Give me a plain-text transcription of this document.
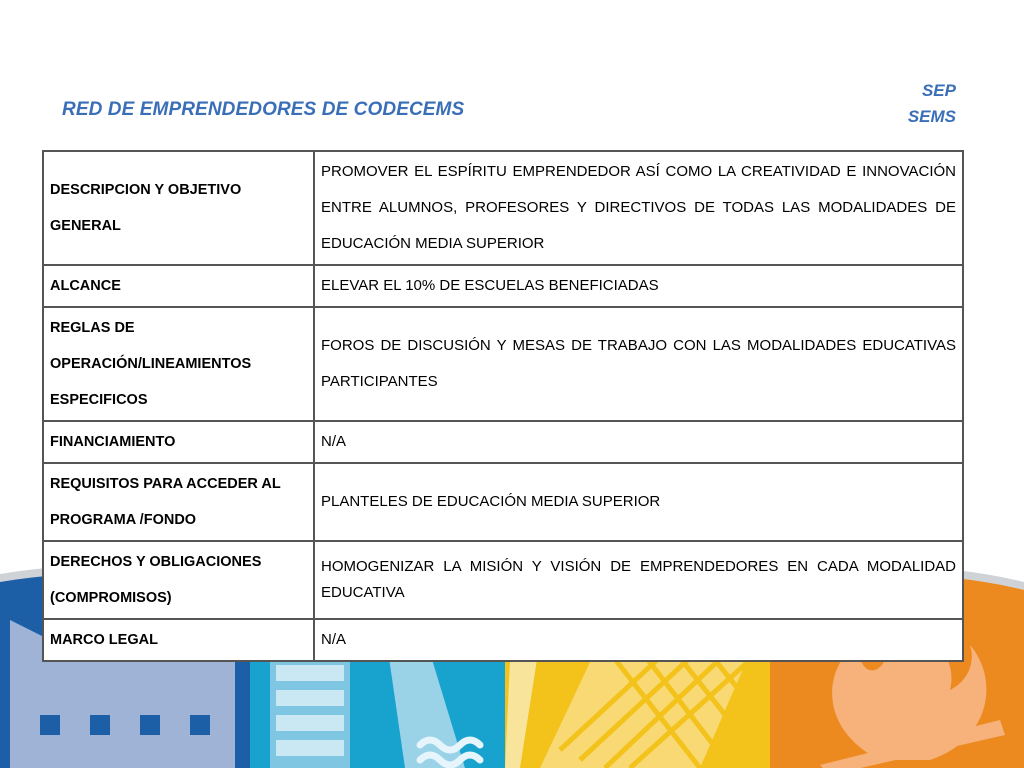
RED DE EMPRENDEDORES DE CODECEMS
SEP
SEMS
DESCRIPCION Y OBJETIVO GENERAL	PROMOVER EL ESPÍRITU EMPRENDEDOR ASÍ COMO LA CREATIVIDAD E INNOVACIÓN ENTRE ALUMNOS, PROFESORES Y DIRECTIVOS DE TODAS LAS MODALIDADES DE EDUCACIÓN MEDIA SUPERIOR
ALCANCE	ELEVAR EL 10% DE ESCUELAS BENEFICIADAS
REGLAS DE OPERACIÓN/LINEAMIENTOS ESPECIFICOS	FOROS DE DISCUSIÓN Y MESAS DE TRABAJO CON LAS MODALIDADES EDUCATIVAS PARTICIPANTES
FINANCIAMIENTO	N/A
REQUISITOS PARA ACCEDER AL PROGRAMA /FONDO	PLANTELES DE EDUCACIÓN MEDIA SUPERIOR
DERECHOS Y OBLIGACIONES (COMPROMISOS)	HOMOGENIZAR LA MISIÓN Y VISIÓN DE EMPRENDEDORES EN CADA MODALIDAD EDUCATIVA
MARCO LEGAL	N/A
